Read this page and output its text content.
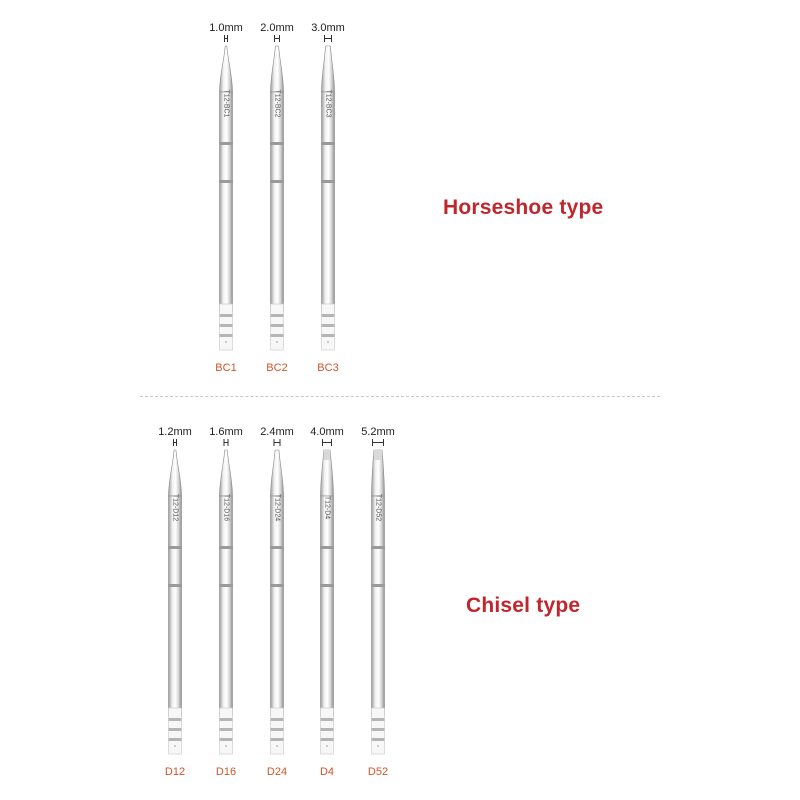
Horseshoe type
1.0mm
T12-BC1
BC1
2.0mm
T12-BC2
BC2
3.0mm
T12-BC3
BC3
Chisel type
1.2mm
T12-D12
D12
1.6mm
T12-D16
D16
2.4mm
T12-D24
D24
4.0mm
T12-D4
D4
5.2mm
T12-D52
D52
